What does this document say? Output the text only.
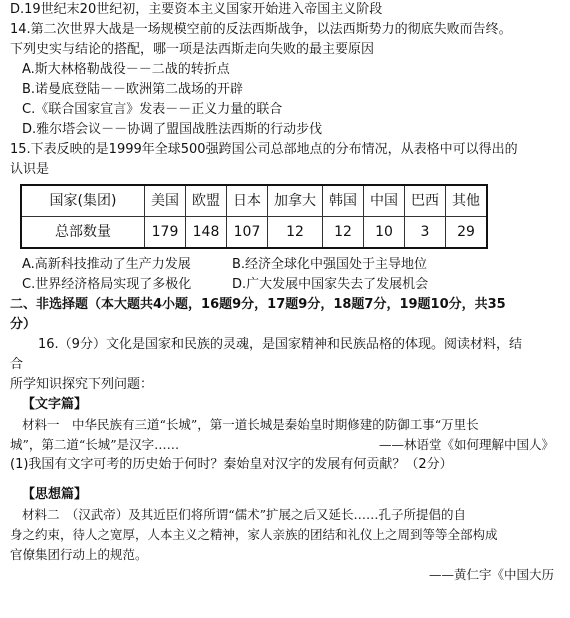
D.19世纪末20世纪初，主要资本主义国家开始进入帝国主义阶段
14.第二次世界大战是一场规模空前的反法西斯战争，以法西斯势力的彻底失败而告终。
下列史实与结论的搭配，哪一项是法西斯走向失败的最主要原因
A.斯大林格勒战役－－二战的转折点
B.诺曼底登陆－－欧洲第二战场的开辟
C.《联合国家宣言》发表－－正义力量的联合
D.雅尔塔会议－－协调了盟国战胜法西斯的行动步伐
15.下表反映的是1999年全球500强跨国公司总部地点的分布情况，从表格中可以得出的
认识是
国家(集团)	美国	欧盟	日本	加拿大	韩国	中国	巴西	其他
总部数量	179	148	107	12	12	10	3	29
A.高新科技推动了生产力发展	B.经济全球化中强国处于主导地位
C.世界经济格局实现了多极化	D.广大发展中国家失去了发展机会
二、非选择题（本大题共4小题，16题9分，17题9分，18题7分，19题10分，共35
分）
16.（9分）文化是国家和民族的灵魂，是国家精神和民族品格的体现。阅读材料，结
合
所学知识探究下列问题：
【文字篇】
材料一　中华民族有三道“长城”，第一道长城是秦始皇时期修建的防御工事“万里长
城”，第二道“长城”是汉字……	——林语堂《如何理解中国人》
(1)我国有文字可考的历史始于何时？秦始皇对汉字的发展有何贡献？（2分）
【思想篇】
材料二　（汉武帝）及其近臣们将所谓“儒术”扩展之后又延长……孔子所提倡的自
身之约束，待人之宽厚，人本主义之精神，家人亲族的团结和礼仪上之周到等等全部构成
官僚集团行动上的规范。
——黄仁宇《中国大历
